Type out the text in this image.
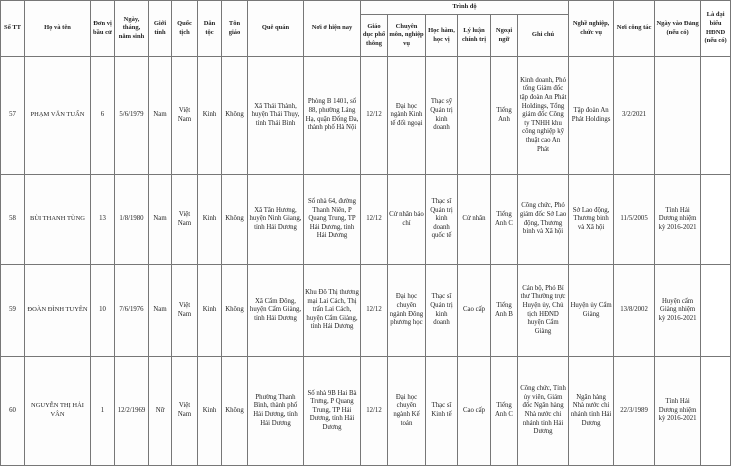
Số TT	Họ và tên	Đơn vị bầu cử	Ngày, tháng, năm sinh	Giới tính	Quốc tịch	Dân tộc	Tôn giáo	Quê quán	Nơi ở hiện nay	Trình độ						Nghề nghiệp, chức vụ	Nơi công tác	Ngày vào Đảng (nếu có)	Là đại biểu HĐND (nếu có)
										Giáo dục phổ thông	Chuyên môn, nghiệp vụ	Học hàm, học vị	Lý luận chính trị	Ngoại ngữ	Ghi chú				
57	PHẠM VĂN TUẤN	6	5/6/1979	Nam	Việt Nam	Kinh	Không	Xã Thái Thành, huyện Thái Thụy, tỉnh Thái Bình	Phòng B 1401, số 88, phường Láng Hạ, quận Đống Đa, thành phố Hà Nội	12/12	Đại học ngành Kinh tế đối ngoại	Thạc sỹ Quản trị kinh doanh		Tiếng Anh	Kinh doanh, Phó tổng Giám đốc tập đoàn An Phát Holdings, Tổng giám đốc Công ty TNHH khu công nghiệp kỹ thuật cao An Phát	Tập đoàn An Phát Holdings	3/2/2021		
58	BÙI THANH TÙNG	13	1/8/1980	Nam	Việt Nam	Kinh	Không	Xã Tân Hương, huyện Ninh Giang, tỉnh Hải Dương	Số nhà 64, đường Thanh Niên, P Quang Trung, TP Hải Dương, tỉnh Hải Dương	12/12	Cử nhân báo chí	Thạc sĩ Quản trị kinh doanh quốc tế	Cử nhân	Tiếng Anh C	Công chức, Phó giám đốc Sở Lao động, Thương binh và Xã hội	Sở Lao động, Thương binh và Xã hội	11/5/2005	Tỉnh Hải Dương nhiệm kỳ 2016-2021	
59	ĐOÀN ĐÌNH TUYÊN	10	7/6/1976	Nam	Việt Nam	Kinh	Không	Xã Cẩm Đông, huyện Cẩm Giàng, tỉnh Hải Dương	Khu Đô Thị thương mại Lai Cách, Thị trấn Lai Cách, huyện Cẩm Giàng, tỉnh Hải Dương	12/12	Đại học chuyên ngành Đông phương học	Thạc sĩ Quản trị kinh doanh	Cao cấp	Tiếng Anh B	Cán bộ, Phó Bí thư Thường trực Huyện ủy, Chủ tịch HĐND huyện Cẩm Giàng	Huyện ủy Cẩm Giàng	13/8/2002	Huyện cẩm Giàng nhiệm kỳ 2016-2021	
60	NGUYỄN THỊ HẢI VÂN	1	12/2/1969	Nữ	Việt Nam	Kinh	Không	Phường Thanh Bình, thành phố Hải Dương, tỉnh Hải Dương	Số nhà 9B Hai Bà Trưng, P Quang Trung, TP Hải Dương, tỉnh Hải Dương	12/12	Đại học chuyên ngành Kế toán	Thạc sĩ Kinh tế	Cao cấp	Tiếng Anh C	Công chức, Tỉnh ủy viên, Giám đốc Ngân hàng Nhà nước chi nhánh tỉnh Hải Dương	Ngân hàng Nhà nước chi nhánh tỉnh Hải Dương	22/3/1989	Tỉnh Hải Dương nhiệm kỳ 2016-2021	
